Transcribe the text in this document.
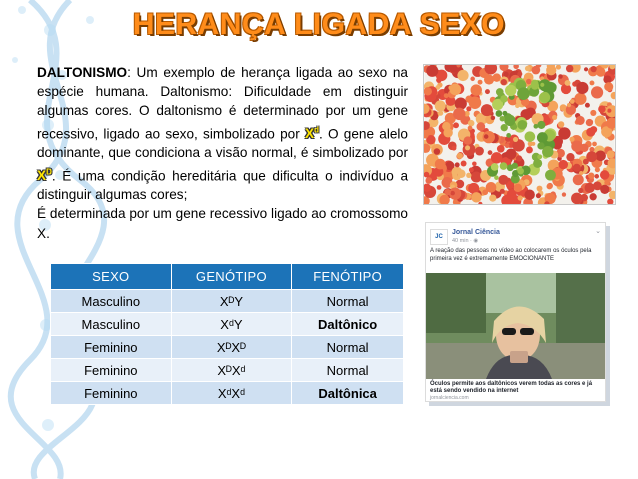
HERANÇA LIGADA SEXO
DALTONISMO: Um exemplo de herança ligada ao sexo na espécie humana. Daltonismo: Dificuldade em distinguir algumas cores. O daltonismo é determinado por um gene recessivo, ligado ao sexo, simbolizado por $X^d$. O gene alelo dominante, que condiciona a visão normal, é simbolizado por $X^D$. É uma condição hereditária que dificulta o indivíduo a distinguir algumas cores;
É determinada por um gene recessivo ligado ao cromossomo X.
SEXO	GENÓTIPO	FENÓTIPO
Masculino	XᴰY	Normal
Masculino	XᵈY	Daltônico
Feminino	XᴰXᴰ	Normal
Feminino	XᴰXᵈ	Normal
Feminino	XᵈXᵈ	Daltônica
JC
Jornal Ciência
40 min · ◉
⌄
A reação das pessoas no vídeo ao colocarem os óculos pela primeira vez é extremamente EMOCIONANTE
Óculos permite aos daltônicos verem todas as cores e já está sendo vendido na internet
jornalciencia.com
